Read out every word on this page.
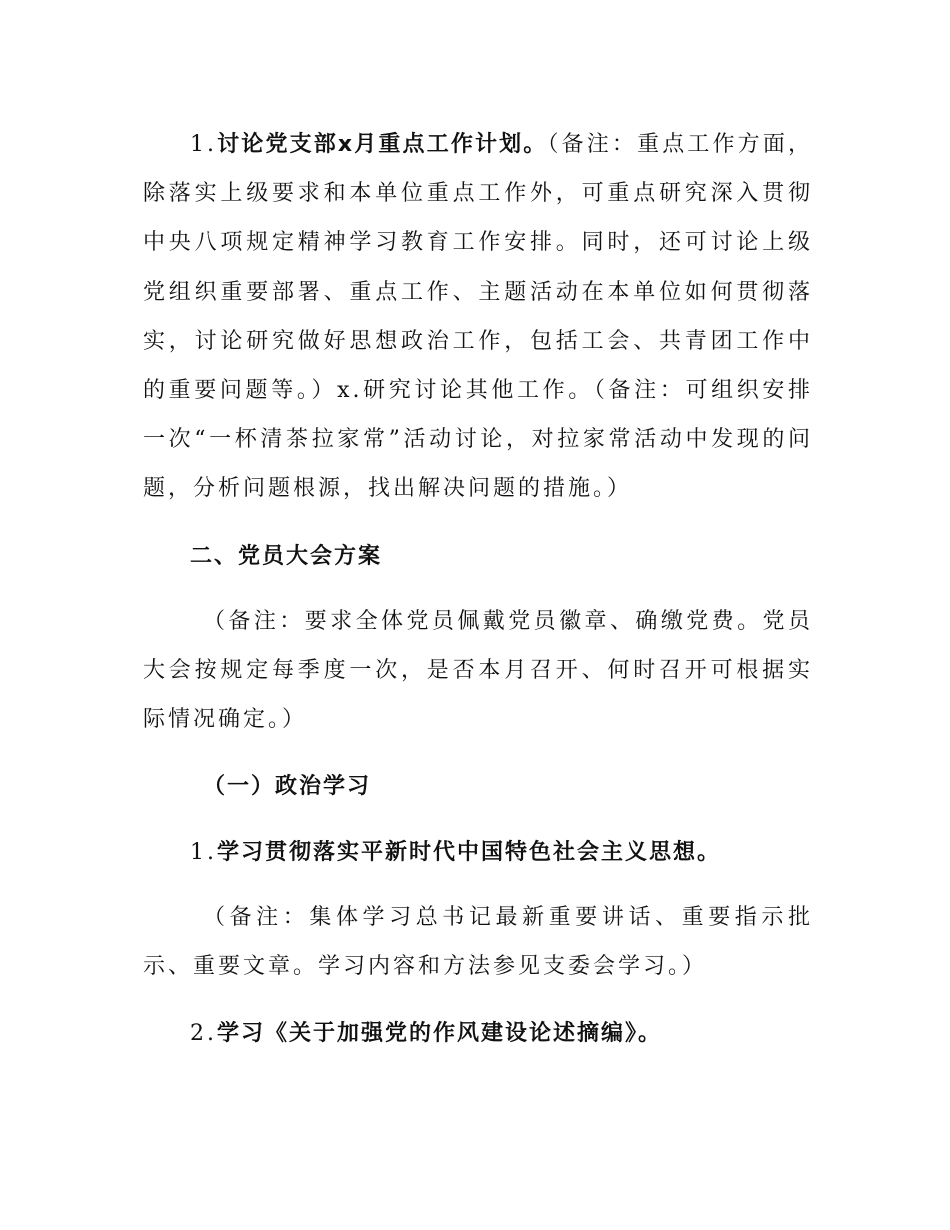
1.讨论党支部x月重点工作计划。（备注：重点工作方面，除落实上级要求和本单位重点工作外，可重点研究深入贯彻中央八项规定精神学习教育工作安排。同时，还可讨论上级党组织重要部署、重点工作、主题活动在本单位如何贯彻落实，讨论研究做好思想政治工作，包括工会、共青团工作中的重要问题等。）x.研究讨论其他工作。（备注：可组织安排一次“一杯清茶拉家常”活动讨论，对拉家常活动中发现的问题，分析问题根源，找出解决问题的措施。）

二、党员大会方案

（备注：要求全体党员佩戴党员徽章、确缴党费。党员大会按规定每季度一次，是否本月召开、何时召开可根据实际情况确定。）

（一）政治学习

1.学习贯彻落实平新时代中国特色社会主义思想。

（备注：集体学习总书记最新重要讲话、重要指示批示、重要文章。学习内容和方法参见支委会学习。）

2.学习《关于加强党的作风建设论述摘编》。
